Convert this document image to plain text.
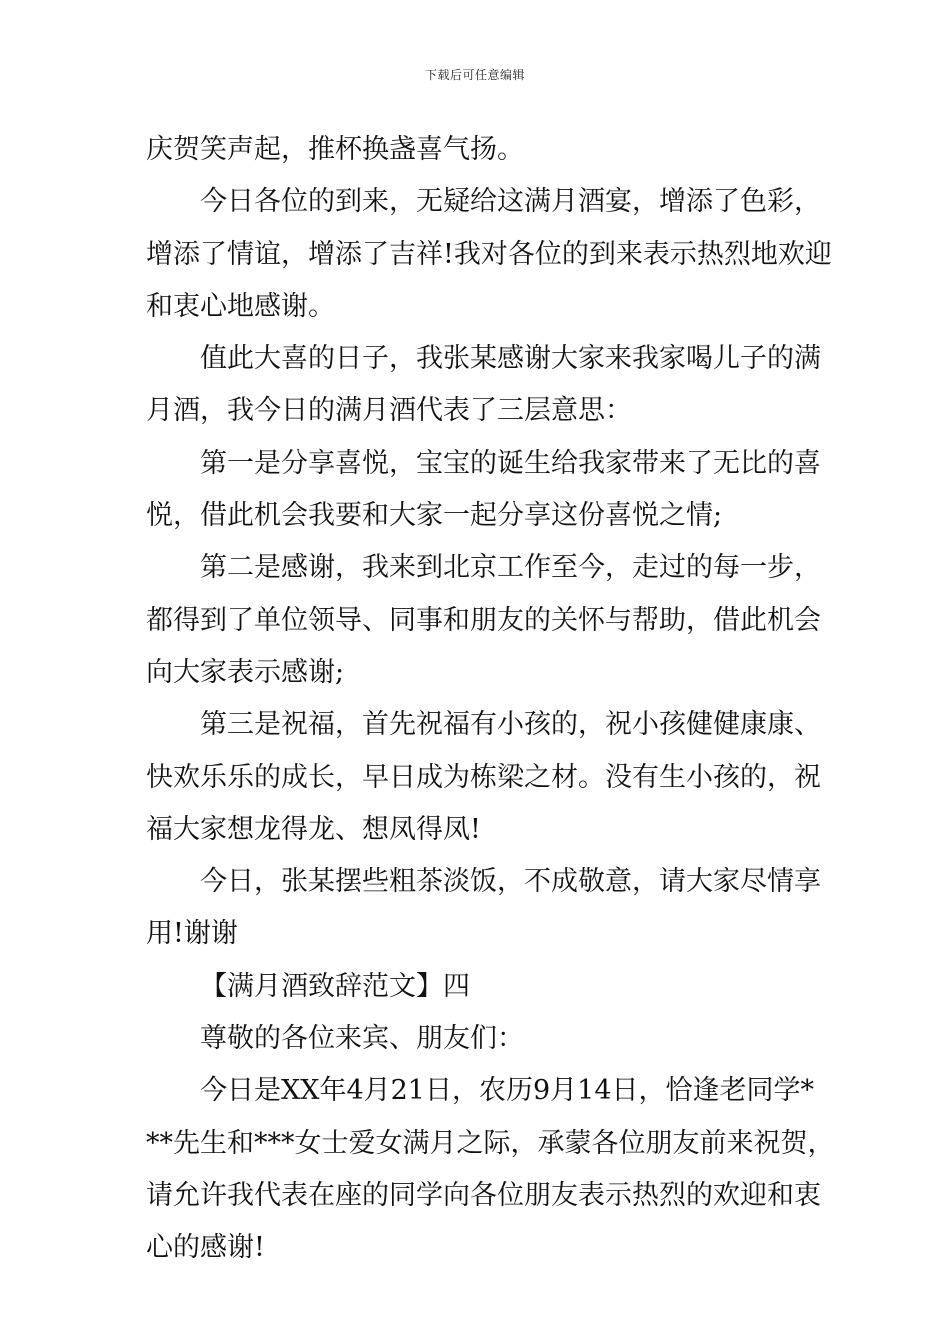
下载后可任意编辑
庆贺笑声起，推杯换盏喜气扬。
今日各位的到来，无疑给这满月酒宴，增添了色彩，
增添了情谊，增添了吉祥!我对各位的到来表示热烈地欢迎
和衷心地感谢。
值此大喜的日子，我张某感谢大家来我家喝儿子的满
月酒，我今日的满月酒代表了三层意思：
第一是分享喜悦，宝宝的诞生给我家带来了无比的喜
悦，借此机会我要和大家一起分享这份喜悦之情;
第二是感谢，我来到北京工作至今，走过的每一步，
都得到了单位领导、同事和朋友的关怀与帮助，借此机会
向大家表示感谢;
第三是祝福，首先祝福有小孩的，祝小孩健健康康、
快欢乐乐的成长，早日成为栋梁之材。没有生小孩的，祝
福大家想龙得龙、想凤得凤!
今日，张某摆些粗茶淡饭，不成敬意，请大家尽情享
用!谢谢
【满月酒致辞范文】四
尊敬的各位来宾、朋友们：
今日是XX年4月21日，农历9月14日，恰逢老同学*
**先生和***女士爱女满月之际，承蒙各位朋友前来祝贺，
请允许我代表在座的同学向各位朋友表示热烈的欢迎和衷
心的感谢!
